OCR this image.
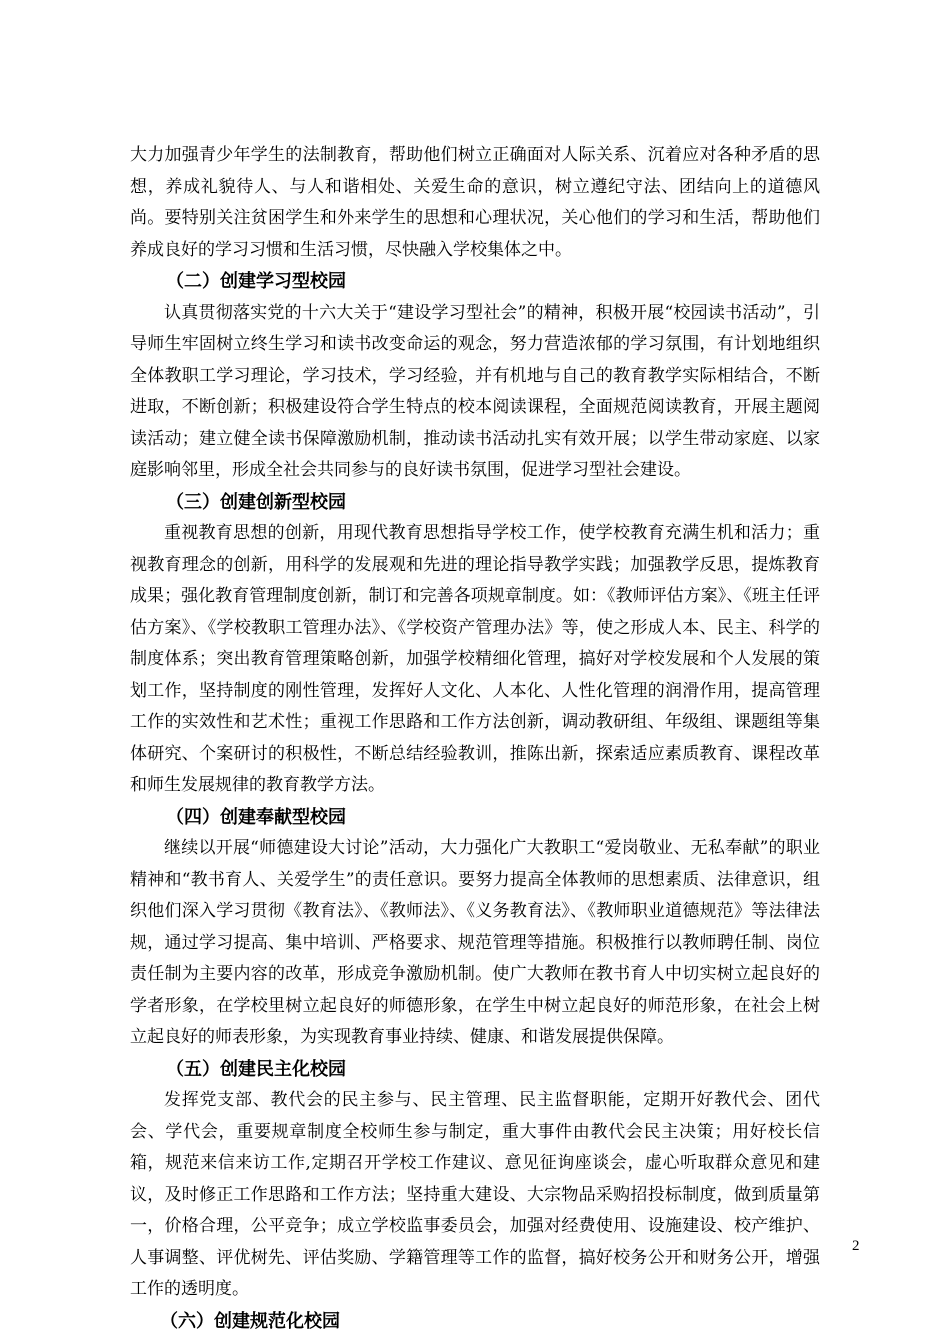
大力加强青少年学生的法制教育，帮助他们树立正确面对人际关系、沉着应对各种矛盾的思想，养成礼貌待人、与人和谐相处、关爱生命的意识，树立遵纪守法、团结向上的道德风尚。要特别关注贫困学生和外来学生的思想和心理状况，关心他们的学习和生活，帮助他们养成良好的学习习惯和生活习惯，尽快融入学校集体之中。

（二）创建学习型校园

认真贯彻落实党的十六大关于“建设学习型社会”的精神，积极开展“校园读书活动”，引导师生牢固树立终生学习和读书改变命运的观念，努力营造浓郁的学习氛围，有计划地组织全体教职工学习理论，学习技术，学习经验，并有机地与自己的教育教学实际相结合，不断进取，不断创新；积极建设符合学生特点的校本阅读课程，全面规范阅读教育，开展主题阅读活动；建立健全读书保障激励机制，推动读书活动扎实有效开展；以学生带动家庭、以家庭影响邻里，形成全社会共同参与的良好读书氛围，促进学习型社会建设。

（三）创建创新型校园

重视教育思想的创新，用现代教育思想指导学校工作，使学校教育充满生机和活力；重视教育理念的创新，用科学的发展观和先进的理论指导教学实践；加强教学反思，提炼教育成果；强化教育管理制度创新，制订和完善各项规章制度。如：《教师评估方案》、《班主任评估方案》、《学校教职工管理办法》、《学校资产管理办法》等，使之形成人本、民主、科学的制度体系；突出教育管理策略创新，加强学校精细化管理，搞好对学校发展和个人发展的策划工作，坚持制度的刚性管理，发挥好人文化、人本化、人性化管理的润滑作用，提高管理工作的实效性和艺术性；重视工作思路和工作方法创新，调动教研组、年级组、课题组等集体研究、个案研讨的积极性，不断总结经验教训，推陈出新，探索适应素质教育、课程改革和师生发展规律的教育教学方法。

（四）创建奉献型校园

继续以开展“师德建设大讨论”活动，大力强化广大教职工“爱岗敬业、无私奉献”的职业精神和“教书育人、关爱学生”的责任意识。要努力提高全体教师的思想素质、法律意识，组织他们深入学习贯彻《教育法》、《教师法》、《义务教育法》、《教师职业道德规范》等法律法规，通过学习提高、集中培训、严格要求、规范管理等措施。积极推行以教师聘任制、岗位责任制为主要内容的改革，形成竞争激励机制。使广大教师在教书育人中切实树立起良好的学者形象，在学校里树立起良好的师德形象，在学生中树立起良好的师范形象，在社会上树立起良好的师表形象，为实现教育事业持续、健康、和谐发展提供保障。

（五）创建民主化校园

发挥党支部、教代会的民主参与、民主管理、民主监督职能，定期开好教代会、团代会、学代会，重要规章制度全校师生参与制定，重大事件由教代会民主决策；用好校长信箱，规范来信来访工作,定期召开学校工作建议、意见征询座谈会，虚心听取群众意见和建议，及时修正工作思路和工作方法；坚持重大建设、大宗物品采购招投标制度，做到质量第一，价格合理，公平竞争；成立学校监事委员会，加强对经费使用、设施建设、校产维护、人事调整、评优树先、评估奖励、学籍管理等工作的监督，搞好校务公开和财务公开，增强工作的透明度。

（六）创建规范化校园
2
